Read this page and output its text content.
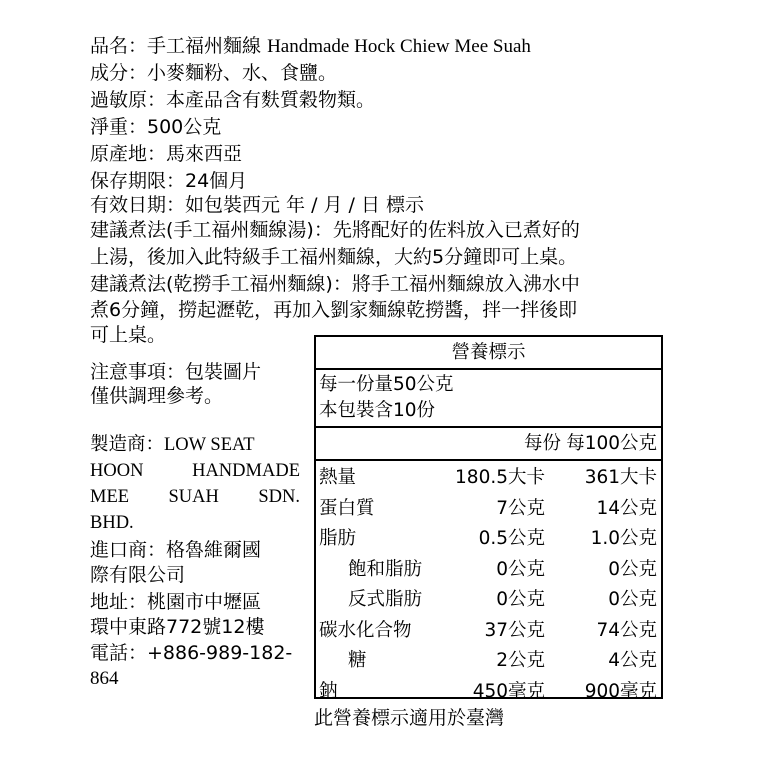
品名：手工福州麵線 Handmade Hock Chiew Mee Suah
成分：小麥麵粉、水、食鹽。
過敏原：本產品含有麩質穀物類。
淨重：500公克
原產地：馬來西亞
保存期限：24個月
有效日期：如包裝西元 年 / 月 / 日 標示
建議煮法(手工福州麵線湯)：先將配好的佐料放入已煮好的
上湯，後加入此特級手工福州麵線，大約5分鐘即可上桌。
建議煮法(乾撈手工福州麵線)：將手工福州麵線放入沸水中
煮6分鐘，撈起瀝乾，再加入劉家麵線乾撈醬，拌一拌後即
可上桌。
注意事項：包裝圖片
僅供調理參考。
製造商：LOW SEAT
HOON	HANDMADE
MEE SUAH SDN.
BHD.
進口商：格魯維爾國
際有限公司
地址：桃園市中壢區
環中東路772號12樓
電話：+886-989-182-
864
營養標示
每一份量50公克
本包裝含10份
每份 每100公克
熱量	180.5大卡 361大卡
蛋白質	7公克	14公克
脂肪	0.5公克 1.0公克
飽和脂肪	0公克	0公克
反式脂肪	0公克	0公克
碳水化合物	37公克	74公克
糖	2公克	4公克
鈉	450毫克 900毫克
此營養標示適用於臺灣
